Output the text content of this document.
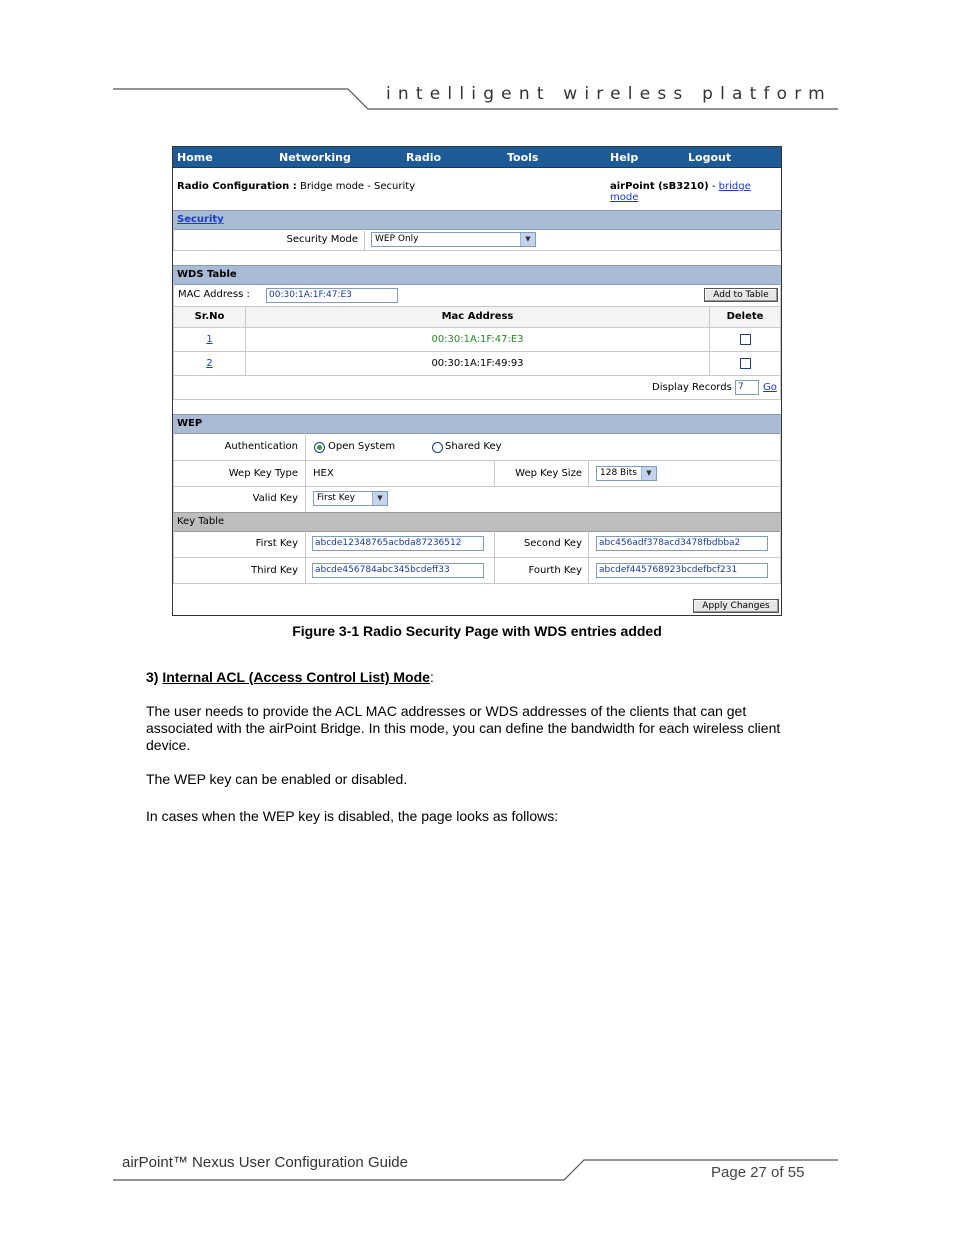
intelligent wireless platform
Home	Networking	Radio	Tools	Help	Logout
Radio Configuration : Bridge mode - Security	airPoint (sB3210) - bridge mode
Security
Security Mode	WEP Only	▼
WDS Table
MAC Address :	00:30:1A:1F:47:E3	Add to Table
Sr.No	Mac Address	Delete
1	00:30:1A:1F:47:E3
2	00:30:1A:1F:49:93
Display Records 7	Go
WEP
Authentication	Open System	Shared Key
Wep Key Type HEX	Wep Key Size	128 Bits	▼
Valid Key	First Key	▼
Key Table
First Key	abcde12348765acbda87236512	Second Key	abc456adf378acd3478fbdbba2
Third Key	abcde456784abc345bcdeff33	Fourth Key	abcdef445768923bcdefbcf231
Apply Changes
Figure 3-1 Radio Security Page with WDS entries added
3) Internal ACL (Access Control List) Mode:
The user needs to provide the ACL MAC addresses or WDS addresses of the clients that can get associated with the airPoint Bridge. In this mode, you can define the bandwidth for each wireless client device.
The WEP key can be enabled or disabled.
In cases when the WEP key is disabled, the page looks as follows:
airPoint™ Nexus User Configuration Guide
Page 27 of 55
